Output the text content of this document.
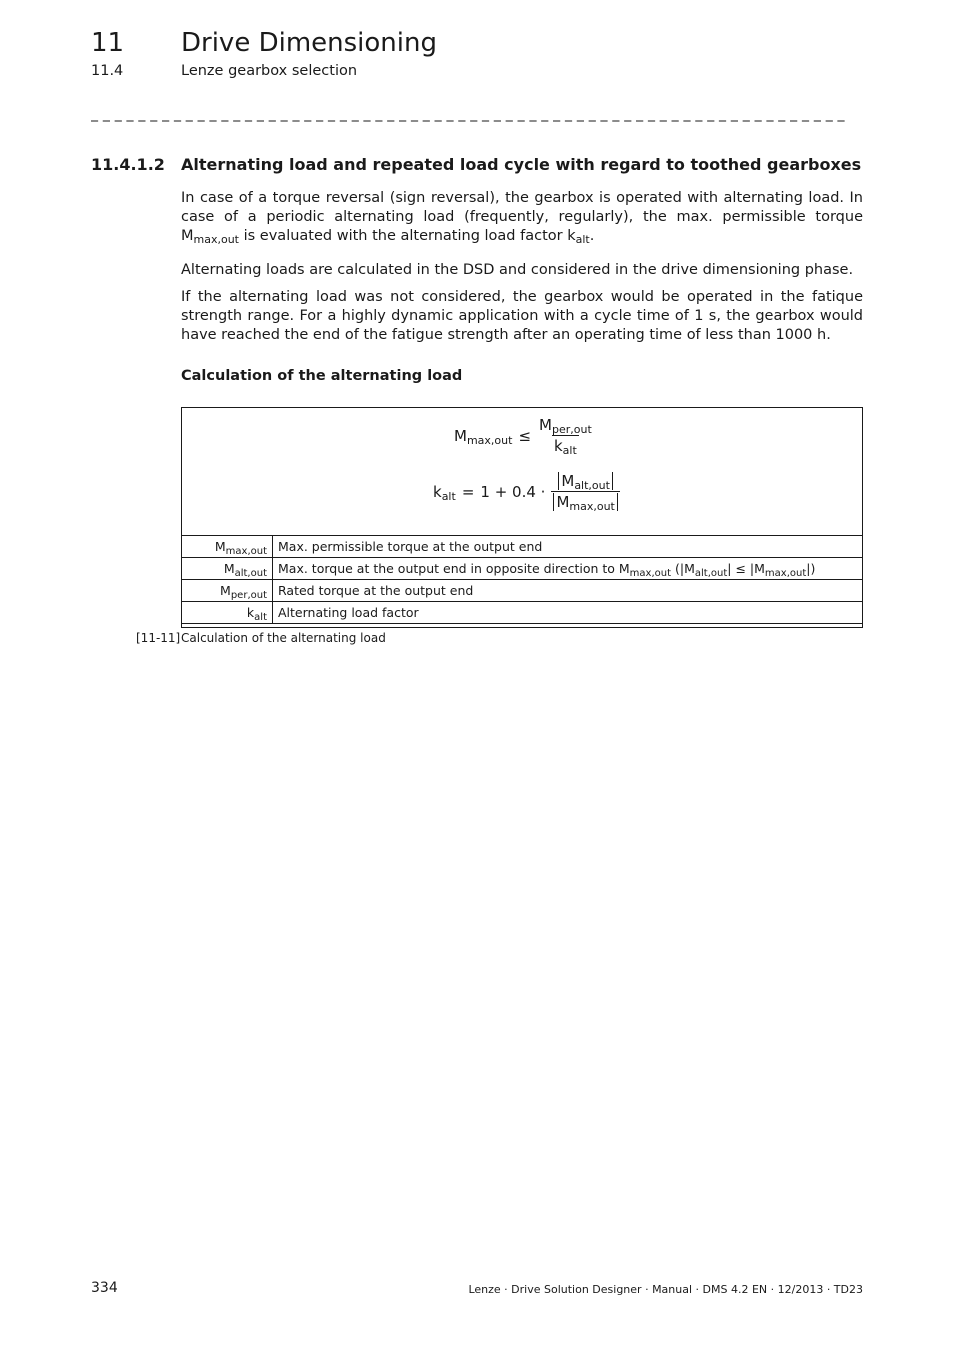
11 Drive Dimensioning
11.4	Lenze gearbox selection
_ _ _ _ _ _ _ _ _ _ _ _ _ _ _ _ _ _ _ _ _ _ _ _ _ _ _ _ _ _ _ _ _ _ _ _ _ _ _ _ _ _ _ _ _ _ _ _ _ _ _ _ _ _ _ _ _ _ _ _ _ _ _ _
11.4.1.2 Alternating load and repeated load cycle with regard to toothed gearboxes
In case of a torque reversal (sign reversal), the gearbox is operated with alternating load. In case of a periodic alternating load (frequently, regularly), the max. permissible torque $M_{max,out}$ is evaluated with the alternating load factor $k_{alt}$.
Alternating loads are calculated in the DSD and considered in the drive dimensioning phase.
If the alternating load was not considered, the gearbox would be operated in the fatique strength range. For a highly dynamic application with a cycle time of 1 s, the gearbox would have reached the end of the fatigue strength after an operating time of less than 1000 h.
Calculation of the alternating load
$M_{max,out} \le \frac{M_{per,out}}{k_{alt}}$
$k_{alt} = 1 + 0.4 \cdot \frac{M_{alt,out}}{M_{max,out}}$
$M_{max,out}$	Max. permissible torque at the output end
$M_{alt,out}$	Max. torque at the output end in opposite direction to $M_{max,out}$ $(|M_{alt,out}| \le |M_{max,out}|)$
$M_{per,out}$	Rated torque at the output end
$k_{alt}$	Alternating load factor
[11-11] Calculation of the alternating load
334	Lenze · Drive Solution Designer · Manual · DMS 4.2 EN · 12/2013 · TD23
